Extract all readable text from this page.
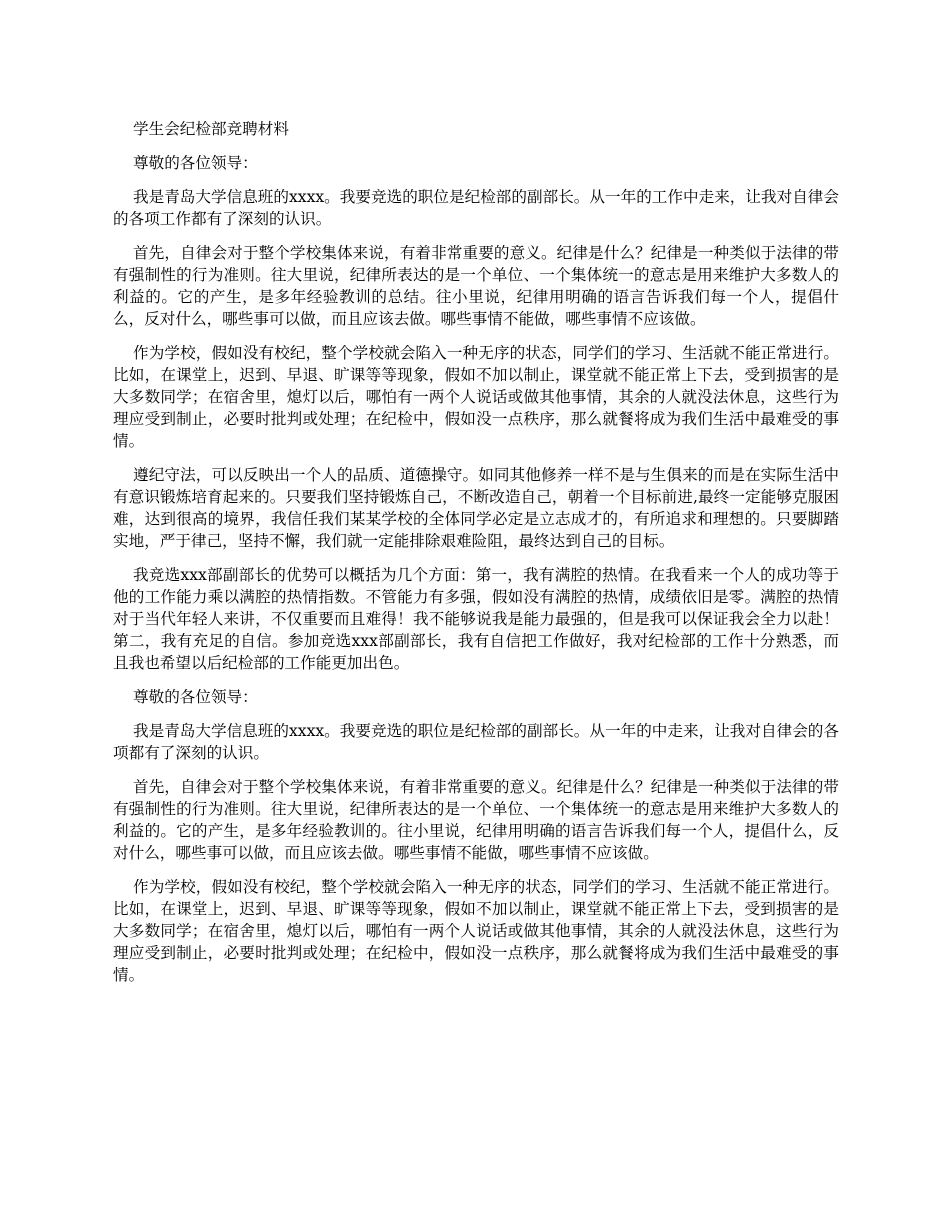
学生会纪检部竞聘材料

尊敬的各位领导：

我是青岛大学信息班的xxxx。我要竞选的职位是纪检部的副部长。从一年的工作中走来，让我对自律会的各项工作都有了深刻的认识。

首先，自律会对于整个学校集体来说，有着非常重要的意义。纪律是什么？纪律是一种类似于法律的带有强制性的行为准则。往大里说，纪律所表达的是一个单位、一个集体统一的意志是用来维护大多数人的利益的。它的产生，是多年经验教训的总结。往小里说，纪律用明确的语言告诉我们每一个人，提倡什么，反对什么，哪些事可以做，而且应该去做。哪些事情不能做，哪些事情不应该做。

作为学校，假如没有校纪，整个学校就会陷入一种无序的状态，同学们的学习、生活就不能正常进行。比如，在课堂上，迟到、早退、旷课等等现象，假如不加以制止，课堂就不能正常上下去，受到损害的是大多数同学；在宿舍里，熄灯以后，哪怕有一两个人说话或做其他事情，其余的人就没法休息，这些行为理应受到制止，必要时批判或处理；在纪检中，假如没一点秩序，那么就餐将成为我们生活中最难受的事情。

遵纪守法，可以反映出一个人的品质、道德操守。如同其他修养一样不是与生俱来的而是在实际生活中有意识锻炼培育起来的。只要我们坚持锻炼自己，不断改造自己，朝着一个目标前进,最终一定能够克服困难，达到很高的境界，我信任我们某某学校的全体同学必定是立志成才的，有所追求和理想的。只要脚踏实地，严于律己，坚持不懈，我们就一定能排除艰难险阻，最终达到自己的目标。

我竞选xxx部副部长的优势可以概括为几个方面：第一，我有满腔的热情。在我看来一个人的成功等于他的工作能力乘以满腔的热情指数。不管能力有多强，假如没有满腔的热情，成绩依旧是零。满腔的热情对于当代年轻人来讲，不仅重要而且难得！我不能够说我是能力最强的，但是我可以保证我会全力以赴！第二，我有充足的自信。参加竞选xxx部副部长，我有自信把工作做好，我对纪检部的工作十分熟悉，而且我也希望以后纪检部的工作能更加出色。

尊敬的各位领导：

我是青岛大学信息班的xxxx。我要竞选的职位是纪检部的副部长。从一年的中走来，让我对自律会的各项都有了深刻的认识。

首先，自律会对于整个学校集体来说，有着非常重要的意义。纪律是什么？纪律是一种类似于法律的带有强制性的行为准则。往大里说，纪律所表达的是一个单位、一个集体统一的意志是用来维护大多数人的利益的。它的产生，是多年经验教训的。往小里说，纪律用明确的语言告诉我们每一个人，提倡什么，反对什么，哪些事可以做，而且应该去做。哪些事情不能做，哪些事情不应该做。

作为学校，假如没有校纪，整个学校就会陷入一种无序的状态，同学们的学习、生活就不能正常进行。比如，在课堂上，迟到、早退、旷课等等现象，假如不加以制止，课堂就不能正常上下去，受到损害的是大多数同学；在宿舍里，熄灯以后，哪怕有一两个人说话或做其他事情，其余的人就没法休息，这些行为理应受到制止，必要时批判或处理；在纪检中，假如没一点秩序，那么就餐将成为我们生活中最难受的事情。
